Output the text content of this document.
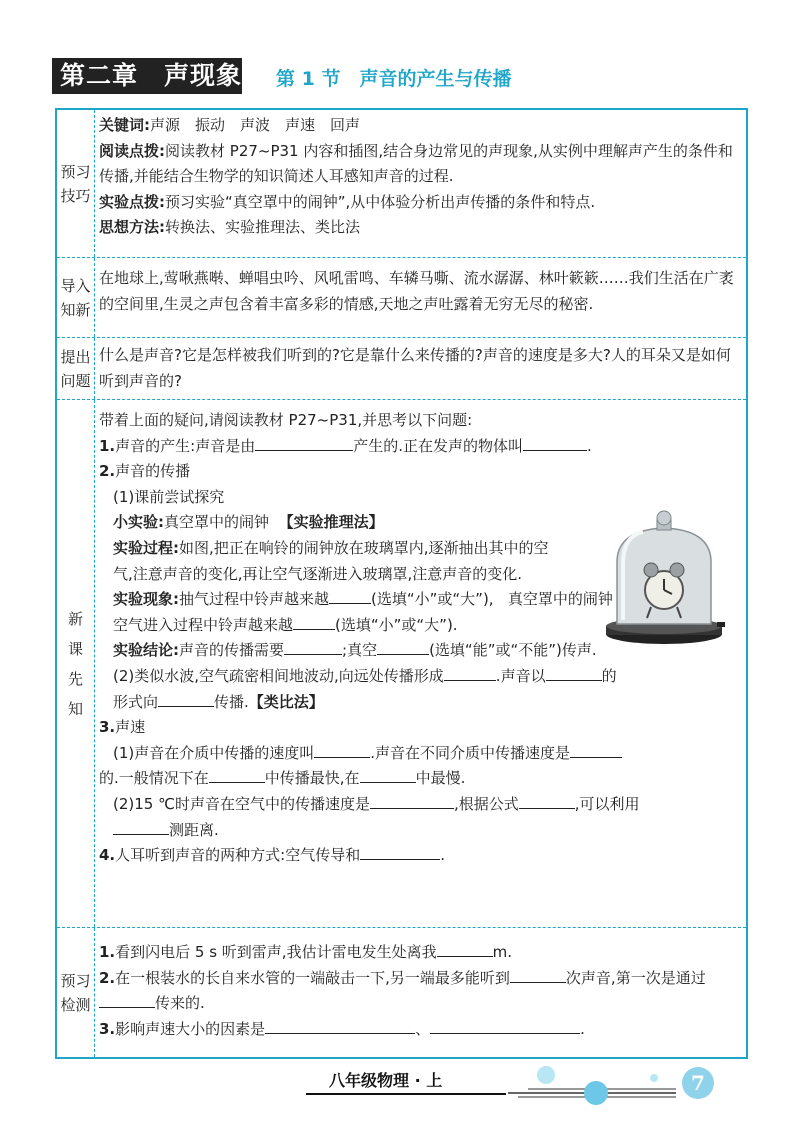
第二章　声现象 第 1 节　声音的产生与传播
预习技巧

关键词:声源　振动　声波　声速　回声

阅读点拨:阅读教材 P27~P31 内容和插图,结合身边常见的声现象,从实例中理解声产生的条件和传播,并能结合生物学的知识简述人耳感知声音的过程.

实验点拨:预习实验“真空罩中的闹钟”,从中体验分析出声传播的条件和特点.

思想方法:转换法、实验推理法、类比法

导入知新

在地球上,莺啾燕啭、蝉唱虫吟、风吼雷鸣、车辚马嘶、流水潺潺、林叶簌簌……我们生活在广袤的空间里,生灵之声包含着丰富多彩的情感,天地之声吐露着无穷无尽的秘密.

提出问题

什么是声音?它是怎样被我们听到的?它是靠什么来传播的?声音的速度是多大?人的耳朵又是如何听到声音的?

新课先知

带着上面的疑问,请阅读教材 P27~P31,并思考以下问题:

1.声音的产生:声音是由	产生的.正在发声的物体叫	.

2.声音的传播

(1)课前尝试探究

小实验:真空罩中的闹钟 【实验推理法】

实验过程:如图,把正在响铃的闹钟放在玻璃罩内,逐渐抽出其中的空气,注意声音的变化,再让空气逐渐进入玻璃罩,注意声音的变化.

实验现象:抽气过程中铃声越来越	(选填“小”或“大”), 真空罩中的闹钟

空气进入过程中铃声越来越	(选填“小”或“大”).

实验结论:声音的传播需要	;真空	(选填“能”或“不能”)传声.

(2)类似水波,空气疏密相间地波动,向远处传播形成	.声音以	的

形式向	传播.【类比法】

3.声速

(1)声音在介质中传播的速度叫	.声音在不同介质中传播速度是

的.一般情况下在	中传播最快,在	中最慢.

(2)15 ℃时声音在空气中的传播速度是	,根据公式	,可以利用

测距离.

4.人耳听到声音的两种方式:空气传导和	.

预习检测

1.看到闪电后 5 s 听到雷声,我估计雷电发生处离我	m.

2.在一根装水的长自来水管的一端敲击一下,另一端最多能听到	次声音,第一次是通过传来的.

3.影响声速大小的因素是	、	.

八年级物理 · 上	7
